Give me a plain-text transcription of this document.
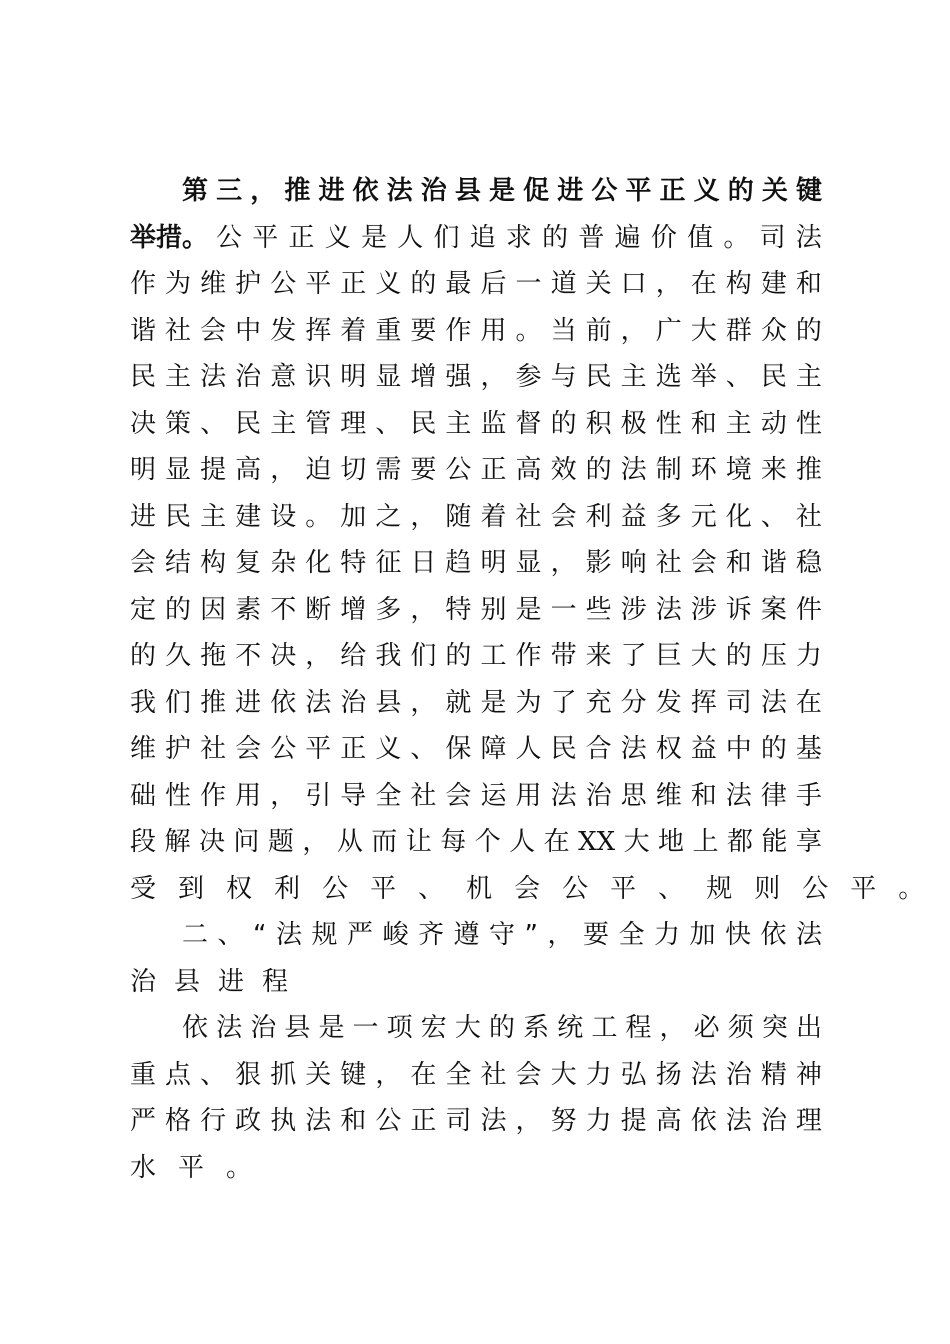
第 三 ， 推 进 依 法 治 县 是 促 进 公 平 正 义 的 关 键
举措。 公 平 正 义 是 人 们 追 求 的 普 遍 价 值 。 司 法
作 为 维 护 公 平 正 义 的 最 后 一 道 关 口 ， 在 构 建 和
谐 社 会 中 发 挥 着 重 要 作 用 。 当 前 ， 广 大 群 众 的
民 主 法 治 意 识 明 显 增 强 ， 参 与 民 主 选 举 、 民 主
决 策 、 民 主 管 理 、 民 主 监 督 的 积 极 性 和 主 动 性
明 显 提 高 ， 迫 切 需 要 公 正 高 效 的 法 制 环 境 来 推
进 民 主 建 设 。 加 之 ， 随 着 社 会 利 益 多 元 化 、 社
会 结 构 复 杂 化 特 征 日 趋 明 显 ， 影 响 社 会 和 谐 稳
定 的 因 素 不 断 增 多 ， 特 别 是 一 些 涉 法 涉 诉 案 件
的 久 拖 不 决 ， 给 我 们 的 工 作 带 来 了 巨 大 的 压 力
我 们 推 进 依 法 治 县 ， 就 是 为 了 充 分 发 挥 司 法 在
维 护 社 会 公 平 正 义 、 保 障 人 民 合 法 权 益 中 的 基
础 性 作 用 ， 引 导 全 社 会 运 用 法 治 思 维 和 法 律 手
段 解 决 问 题 ， 从 而 让 每 个 人 在 XX 大 地 上 都 能 享
受 到 权 利 公 平 、 机 会 公 平 、 规 则 公 平 。
二 、 “ 法 规 严 峻 齐 遵 守 ” ， 要 全 力 加 快 依 法
治 县 进 程
依 法 治 县 是 一 项 宏 大 的 系 统 工 程 ， 必 须 突 出
重 点 、 狠 抓 关 键 ， 在 全 社 会 大 力 弘 扬 法 治 精 神
严 格 行 政 执 法 和 公 正 司 法 ， 努 力 提 高 依 法 治 理
水 平 。
